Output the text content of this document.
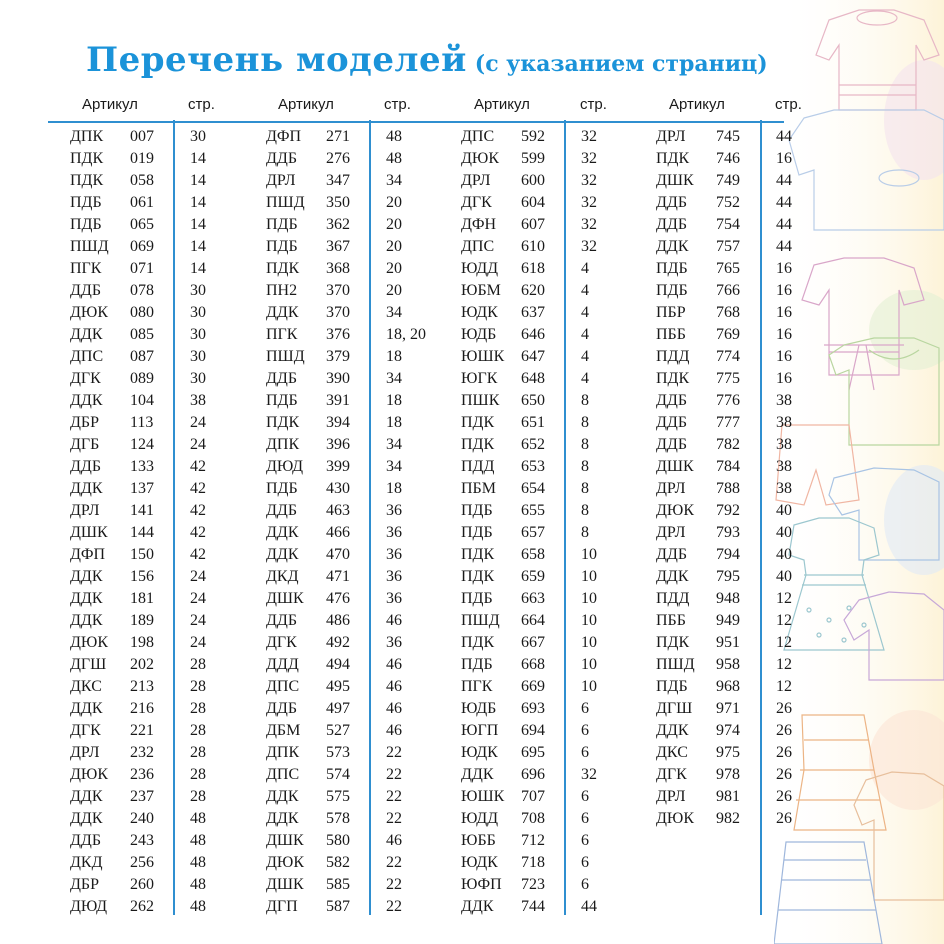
Перечень моделей (с указанием страниц)
Артикул	стр.
ДПК 007 30
ПДК 019 14
ПДК 058 14
ПДБ 061 14
ПДБ 065 14
ПШД 069 14
ПГК 071 14
ДДБ 078 30
ДЮК 080 30
ДДК 085 30
ДПС 087 30
ДГК 089 30
ДДК 104 38
ДБР 113 24
ДГБ 124 24
ДДБ 133 42
ДДК 137 42
ДРЛ 141 42
ДШК 144 42
ДФП 150 42
ДДК 156 24
ДДК 181 24
ДДК 189 24
ДЮК 198 24
ДГШ 202 28
ДКС 213 28
ДДК 216 28
ДГК 221 28
ДРЛ 232 28
ДЮК 236 28
ДДК 237 28
ДДК 240 48
ДДБ 243 48
ДКД 256 48
ДБР 260 48
ДЮД 262 48
Артикул	стр.
ДФП 271 48
ДДБ 276 48
ДРЛ 347 34
ПШД 350 20
ПДБ 362 20
ПДБ 367 20
ПДК 368 20
ПН2 370 20
ДДК 370 34
ПГК 376 18, 20
ПШД 379 18
ДДБ 390 34
ПДБ 391 18
ПДК 394 18
ДПК 396 34
ДЮД 399 34
ПДБ 430 18
ДДБ 463 36
ДДК 466 36
ДДК 470 36
ДКД 471 36
ДШК 476 36
ДДБ 486 46
ДГК 492 36
ДДД 494 46
ДПС 495 46
ДДБ 497 46
ДБМ 527 46
ДПК 573 22
ДПС 574 22
ДДК 575 22
ДДК 578 22
ДШК 580 46
ДЮК 582 22
ДШК 585 22
ДГП 587 22
Артикул	стр.
ДПС 592 32
ДЮК 599 32
ДРЛ 600 32
ДГК 604 32
ДФН 607 32
ДПС 610 32
ЮДД 618 4
ЮБМ 620 4
ЮДК 637 4
ЮДБ 646 4
ЮШК 647 4
ЮГК 648 4
ПШК 650 8
ПДК 651 8
ПДК 652 8
ПДД 653 8
ПБМ 654 8
ПДБ 655 8
ПДБ 657 8
ПДК 658 10
ПДК 659 10
ПДБ 663 10
ПШД 664 10
ПДК 667 10
ПДБ 668 10
ПГК 669 10
ЮДБ 693 6
ЮГП 694 6
ЮДК 695 6
ДДК 696 32
ЮШК 707 6
ЮДД 708 6
ЮББ 712 6
ЮДК 718 6
ЮФП 723 6
ДДК 744 44
Артикул	стр.
ДРЛ 745 44
ПДК 746 16
ДШК 749 44
ДДБ 752 44
ДДБ 754 44
ДДК 757 44
ПДБ 765 16
ПДБ 766 16
ПБР 768 16
ПББ 769 16
ПДД 774 16
ПДК 775 16
ДДБ 776 38
ДДБ 777 38
ДДБ 782 38
ДШК 784 38
ДРЛ 788 38
ДЮК 792 40
ДРЛ 793 40
ДДБ 794 40
ДДК 795 40
ПДД 948 12
ПББ 949 12
ПДК 951 12
ПШД 958 12
ПДБ 968 12
ДГШ 971 26
ДДК 974 26
ДКС 975 26
ДГК 978 26
ДРЛ 981 26
ДЮК 982 26
